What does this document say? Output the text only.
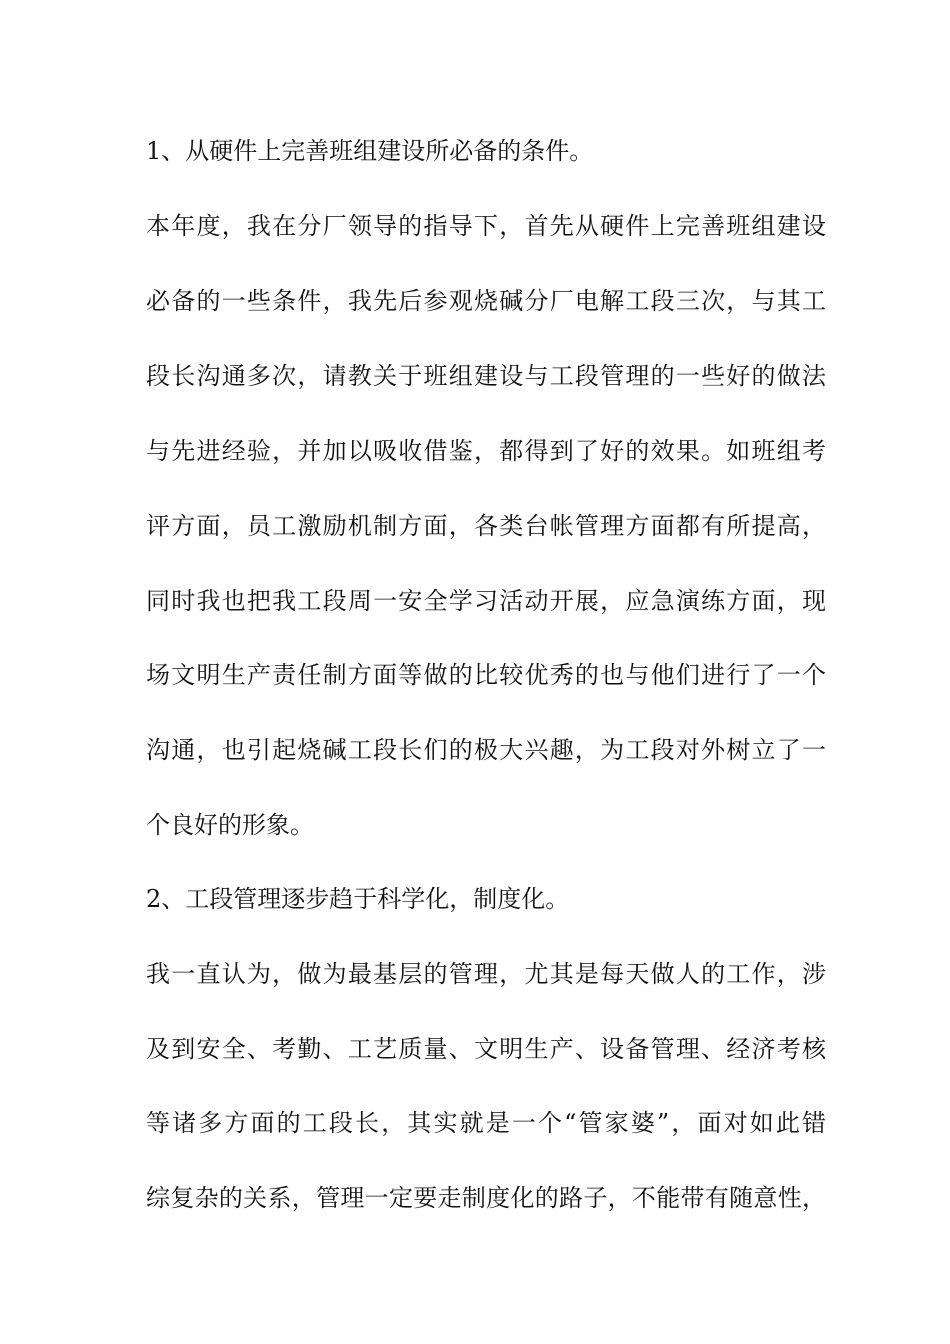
1、从硬件上完善班组建设所必备的条件。
本年度，我在分厂领导的指导下，首先从硬件上完善班组建设
必备的一些条件，我先后参观烧碱分厂电解工段三次，与其工
段长沟通多次，请教关于班组建设与工段管理的一些好的做法
与先进经验，并加以吸收借鉴，都得到了好的效果。如班组考
评方面，员工激励机制方面，各类台帐管理方面都有所提高，
同时我也把我工段周一安全学习活动开展，应急演练方面，现
场文明生产责任制方面等做的比较优秀的也与他们进行了一个
沟通，也引起烧碱工段长们的极大兴趣，为工段对外树立了一
个良好的形象。
2、工段管理逐步趋于科学化，制度化。
我一直认为，做为最基层的管理，尤其是每天做人的工作，涉
及到安全、考勤、工艺质量、文明生产、设备管理、经济考核
等诸多方面的工段长，其实就是一个“管家婆”，面对如此错
综复杂的关系，管理一定要走制度化的路子，不能带有随意性，
